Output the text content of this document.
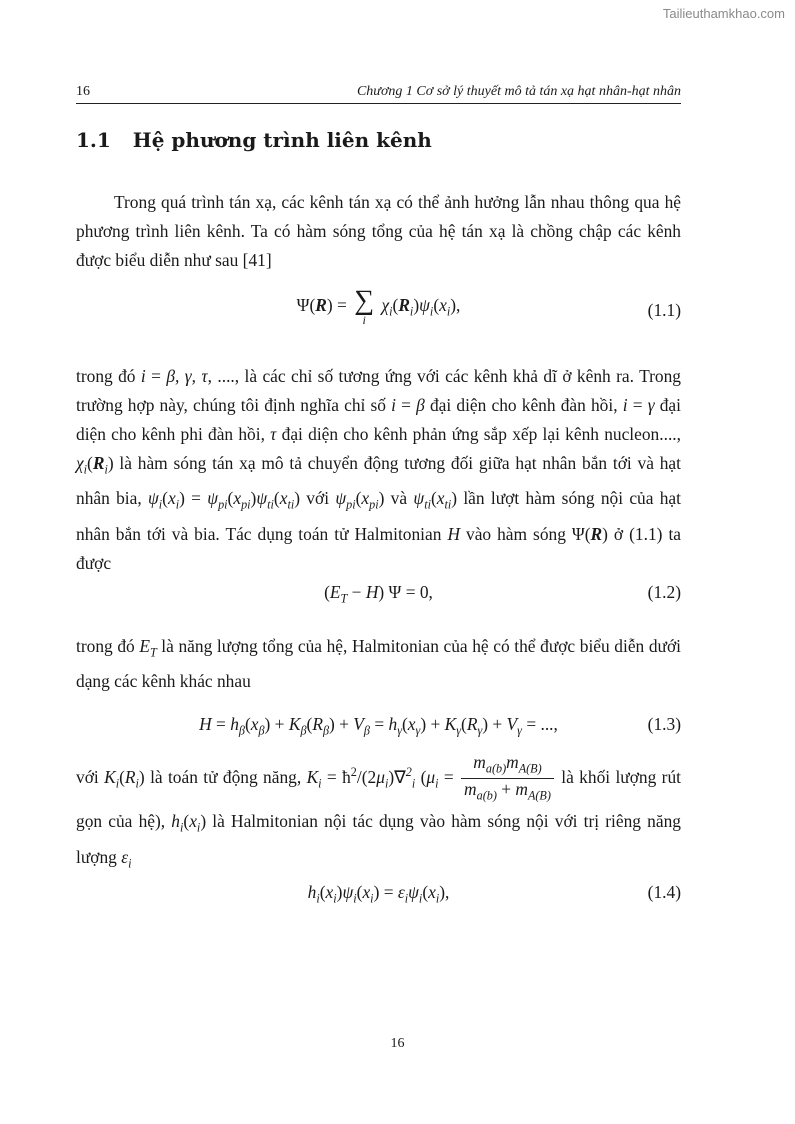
Tailieuthamkhao.com
16	Chương 1 Cơ sở lý thuyết mô tả tán xạ hạt nhân-hạt nhân
1.1 Hệ phương trình liên kênh

Trong quá trình tán xạ, các kênh tán xạ có thể ảnh hưởng lẫn nhau thông qua hệ phương trình liên kênh. Ta có hàm sóng tổng của hệ tán xạ là chồng chập các kênh được biểu diễn như sau [41]

Ψ(R) = ∑
i
$\chi_i(R_i)\psi_i(x_i)$,	(1.1)

trong đó i = β, γ, τ, ...., là các chỉ số tương ứng với các kênh khả dĩ ở kênh ra. Trong trường hợp này, chúng tôi định nghĩa chỉ số i = β đại diện cho kênh đàn hồi, i = γ đại diện cho kênh phi đàn hồi, τ đại diện cho kênh phản ứng sắp xếp lại kênh nucleon...., $\chi_i(R_i)$ là hàm sóng tán xạ mô tả chuyển động tương đối giữa hạt nhân bắn tới và hạt nhân bia, $\psi_i(x_i) = \psi_{pi}(x_{pi})\psi_{ti}(x_{ti})$ với $\psi_{pi}(x_{pi})$ và $\psi_{ti}(x_{ti})$ lần lượt hàm sóng nội của hạt nhân bắn tới và bia. Tác dụng toán tử Halmitonian H vào hàm sóng Ψ(R) ở (1.1) ta được

$(E_T - H) \Psi = 0$,	(1.2)

trong đó $E_T$ là năng lượng tổng của hệ, Halmitonian của hệ có thể được biểu diễn dưới dạng các kênh khác nhau

$H = h_\beta(x_\beta) + K_\beta(R_\beta) + V_\beta = h_\gamma(x_\gamma) + K_\gamma(R_\gamma) + V_\gamma$ = ...,	(1.3)

với $K_i(R_i)$ là toán tử động năng, $K_i$ = $ħ^2/(2\mu_i)\nabla^2_i$ ($\mu_i = \frac{m_{a(b)}m_{A(B)}}{m_{a(b)} + m_{A(B)}}$ là khối lượng rút gọn của hệ), $h_i(x_i)$ là Halmitonian nội tác dụng vào hàm sóng nội với trị riêng năng lượng $\varepsilon_i$

$h_i(x_i)\psi_i(x_i) = \varepsilon_i\psi_i(x_i)$,	(1.4)
16
